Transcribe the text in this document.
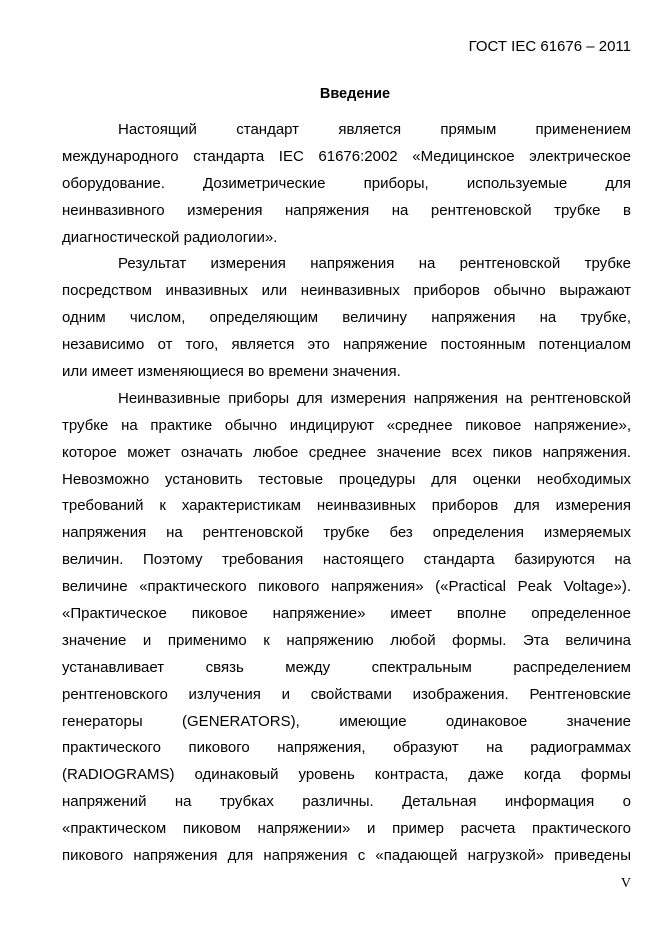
ГОСТ IEC 61676 – 2011
Введение
Настоящий стандарт является прямым применением
международного стандарта IEC 61676:2002 «Медицинское электрическое
оборудование. Дозиметрические приборы, используемые для
неинвазивного измерения напряжения на рентгеновской трубке в
диагностической радиологии».
Результат измерения напряжения на рентгеновской трубке
посредством инвазивных или неинвазивных приборов обычно выражают
одним числом, определяющим величину напряжения на трубке,
независимо от того, является это напряжение постоянным потенциалом
или имеет изменяющиеся во времени значения.
Неинвазивные приборы для измерения напряжения на рентгеновской
трубке на практике обычно индицируют «среднее пиковое напряжение»,
которое может означать любое среднее значение всех пиков напряжения.
Невозможно установить тестовые процедуры для оценки необходимых
требований к характеристикам неинвазивных приборов для измерения
напряжения на рентгеновской трубке без определения измеряемых
величин. Поэтому требования настоящего стандарта базируются на
величине «практического пикового напряжения» («Practical Peak Voltage»).
«Практическое пиковое напряжение» имеет вполне определенное
значение и применимо к напряжению любой формы. Эта величина
устанавливает связь между спектральным распределением
рентгеновского излучения и свойствами изображения. Рентгеновские
генераторы (GENERATORS), имеющие одинаковое значение
практического пикового напряжения, образуют на радиограммах
(RADIOGRAMS) одинаковый уровень контраста, даже когда формы
напряжений на трубках различны. Детальная информация о
«практическом пиковом напряжении» и пример расчета практического
пикового напряжения для напряжения с «падающей нагрузкой» приведены
V
